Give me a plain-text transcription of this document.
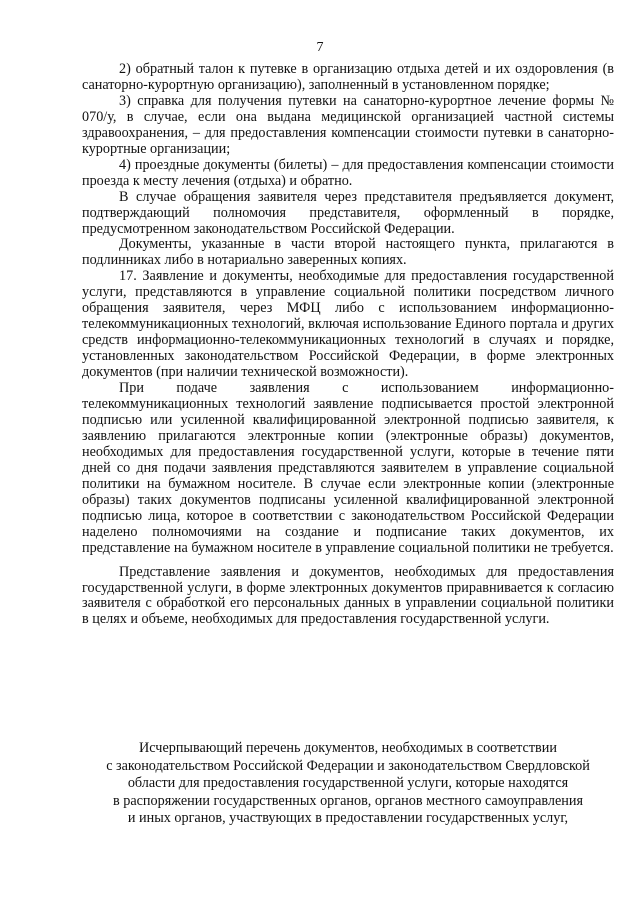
7

2) обратный талон к путевке в организацию отдыха детей и их оздоровления (в санаторно-курортную организацию), заполненный в установленном порядке;

3) справка для получения путевки на санаторно-курортное лечение формы № 070/у, в случае, если она выдана медицинской организацией частной системы здравоохранения, – для предоставления компенсации стоимости путевки в санаторно-курортные организации;

4) проездные документы (билеты) – для предоставления компенсации стоимости проезда к месту лечения (отдыха) и обратно.

В случае обращения заявителя через представителя предъявляется документ, подтверждающий полномочия представителя, оформленный в порядке, предусмотренном законодательством Российской Федерации.

Документы, указанные в части второй настоящего пункта, прилагаются в подлинниках либо в нотариально заверенных копиях.

17. Заявление и документы, необходимые для предоставления государственной услуги, представляются в управление социальной политики посредством личного обращения заявителя, через МФЦ либо с использованием информационно-телекоммуникационных технологий, включая использование Единого портала и других средств информационно-телекоммуникационных технологий в случаях и порядке, установленных законодательством Российской Федерации, в форме электронных документов (при наличии технической возможности).

При подаче заявления с использованием информационно-телекоммуникационных технологий заявление подписывается простой электронной подписью или усиленной квалифицированной электронной подписью заявителя, к заявлению прилагаются электронные копии (электронные образы) документов, необходимых для предоставления государственной услуги, которые в течение пяти дней со дня подачи заявления представляются заявителем в управление социальной политики на бумажном носителе. В случае если электронные копии (электронные образы) таких документов подписаны усиленной квалифицированной электронной подписью лица, которое в соответствии с законодательством Российской Федерации наделено полномочиями на создание и подписание таких документов, их представление на бумажном носителе в управление социальной политики не требуется.

Представление заявления и документов, необходимых для предоставления государственной услуги, в форме электронных документов приравнивается к согласию заявителя с обработкой его персональных данных в управлении социальной политики в целях и объеме, необходимых для предоставления государственной услуги.

Исчерпывающий перечень документов, необходимых в соответствии

с законодательством Российской Федерации и законодательством Свердловской

области для предоставления государственной услуги, которые находятся

в распоряжении государственных органов, органов местного самоуправления

и иных органов, участвующих в предоставлении государственных услуг,
